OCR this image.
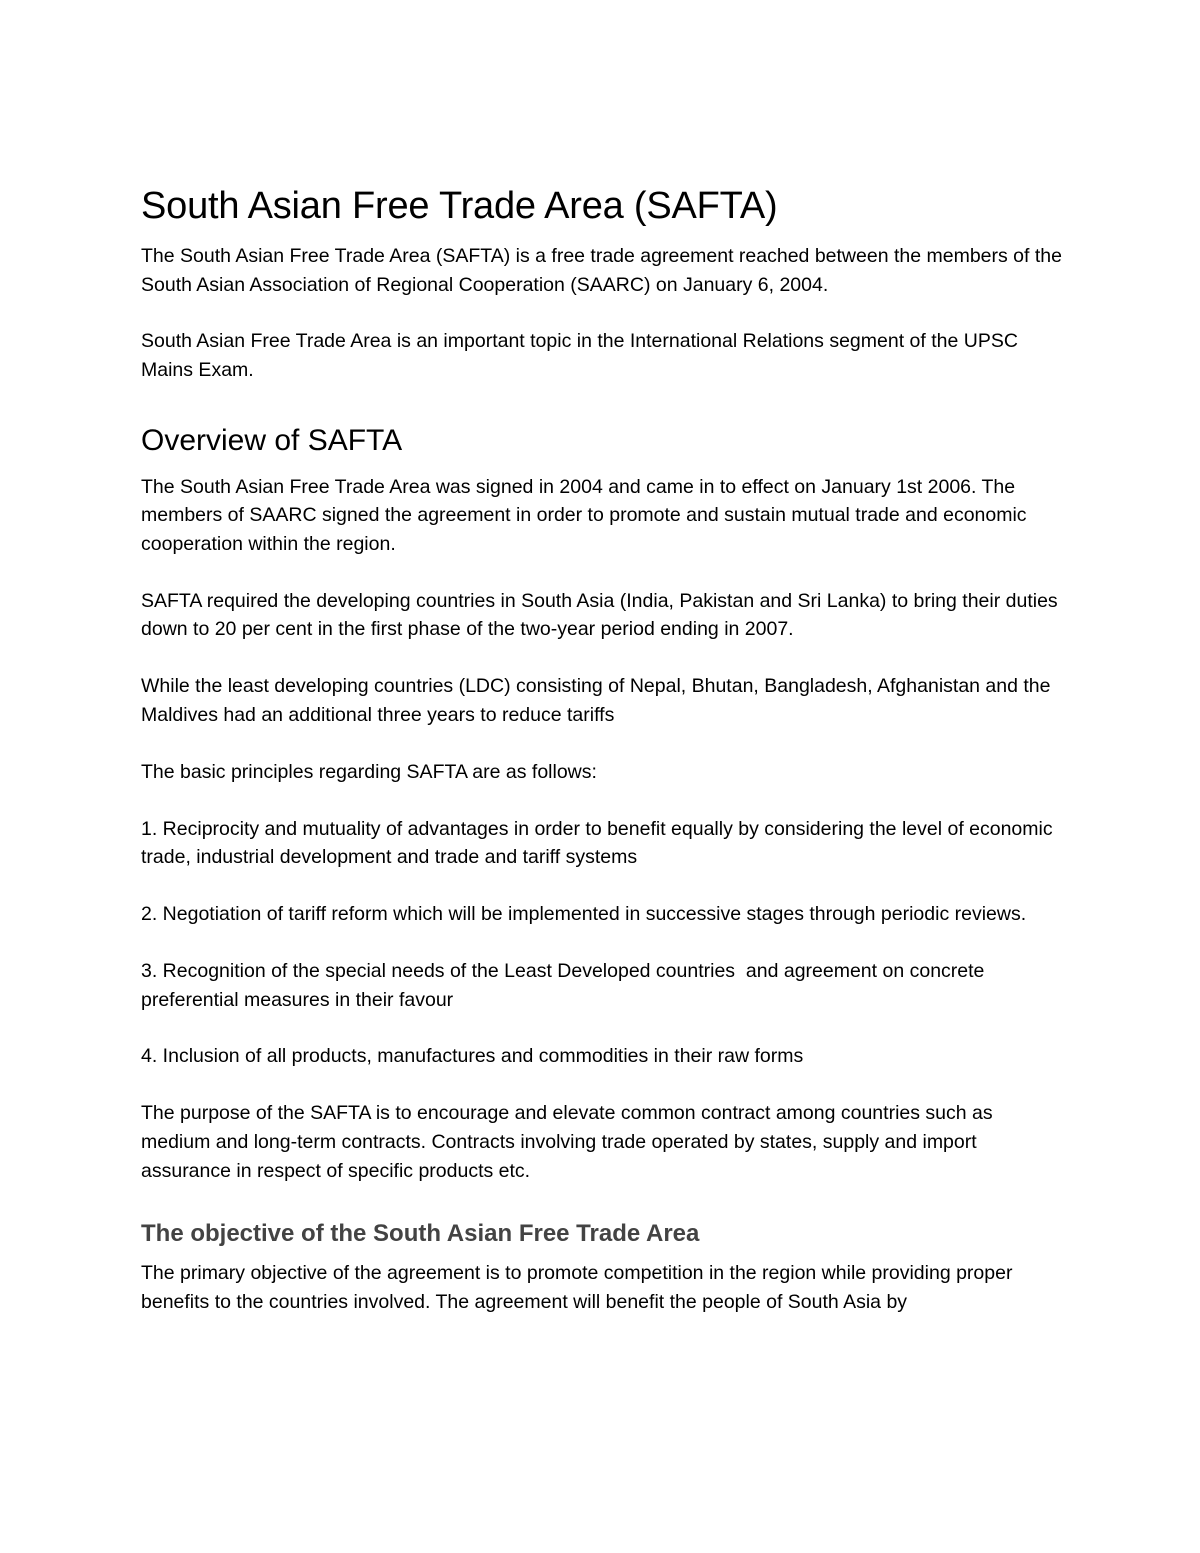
South Asian Free Trade Area (SAFTA)

The South Asian Free Trade Area (SAFTA) is a free trade agreement reached between the members of the South Asian Association of Regional Cooperation (SAARC) on January 6, 2004.

South Asian Free Trade Area is an important topic in the International Relations segment of the UPSC Mains Exam.

Overview of SAFTA

The South Asian Free Trade Area was signed in 2004 and came in to effect on January 1st 2006. The members of SAARC signed the agreement in order to promote and sustain mutual trade and economic cooperation within the region.

SAFTA required the developing countries in South Asia (India, Pakistan and Sri Lanka) to bring their duties down to 20 per cent in the first phase of the two-year period ending in 2007.

While the least developing countries (LDC) consisting of Nepal, Bhutan, Bangladesh, Afghanistan and the Maldives had an additional three years to reduce tariffs

The basic principles regarding SAFTA are as follows:

1. Reciprocity and mutuality of advantages in order to benefit equally by considering the level of economic trade, industrial development and trade and tariff systems

2. Negotiation of tariff reform which will be implemented in successive stages through periodic reviews.

3. Recognition of the special needs of the Least Developed countries  and agreement on concrete preferential measures in their favour

4. Inclusion of all products, manufactures and commodities in their raw forms

The purpose of the SAFTA is to encourage and elevate common contract among countries such as medium and long-term contracts. Contracts involving trade operated by states, supply and import assurance in respect of specific products etc.

The objective of the South Asian Free Trade Area

The primary objective of the agreement is to promote competition in the region while providing proper benefits to the countries involved. The agreement will benefit the people of South Asia by
